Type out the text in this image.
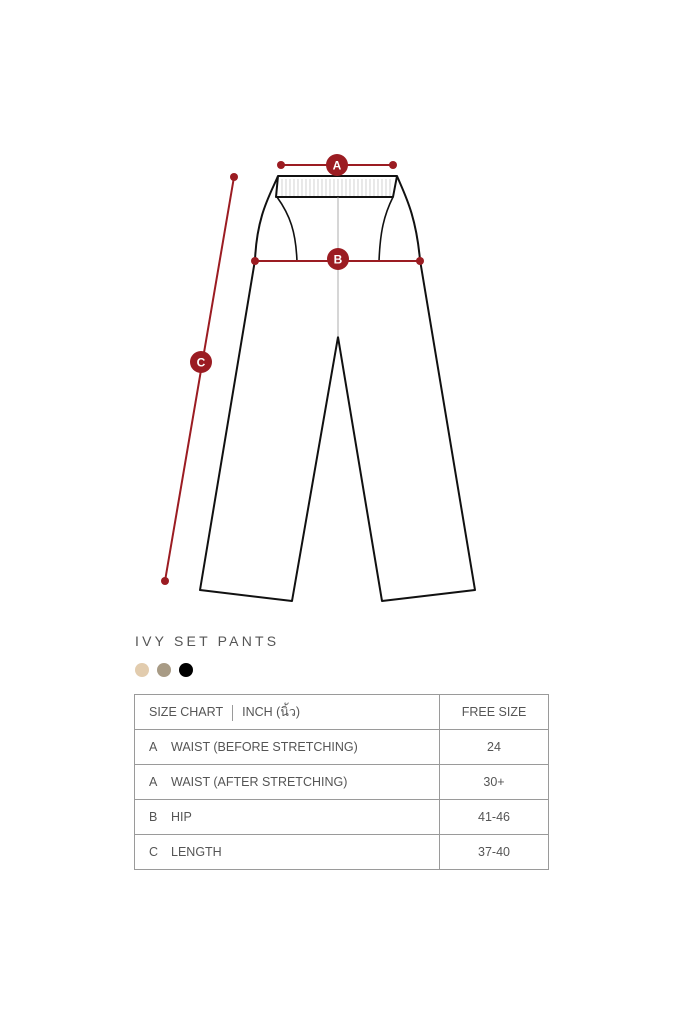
A
B
C
IVY SET PANTS
SIZE CHART INCH (นิ้ว)	FREE SIZE
A WAIST (BEFORE STRETCHING)	24
A WAIST (AFTER STRETCHING)	30+
B HIP	41-46
C LENGTH	37-40
